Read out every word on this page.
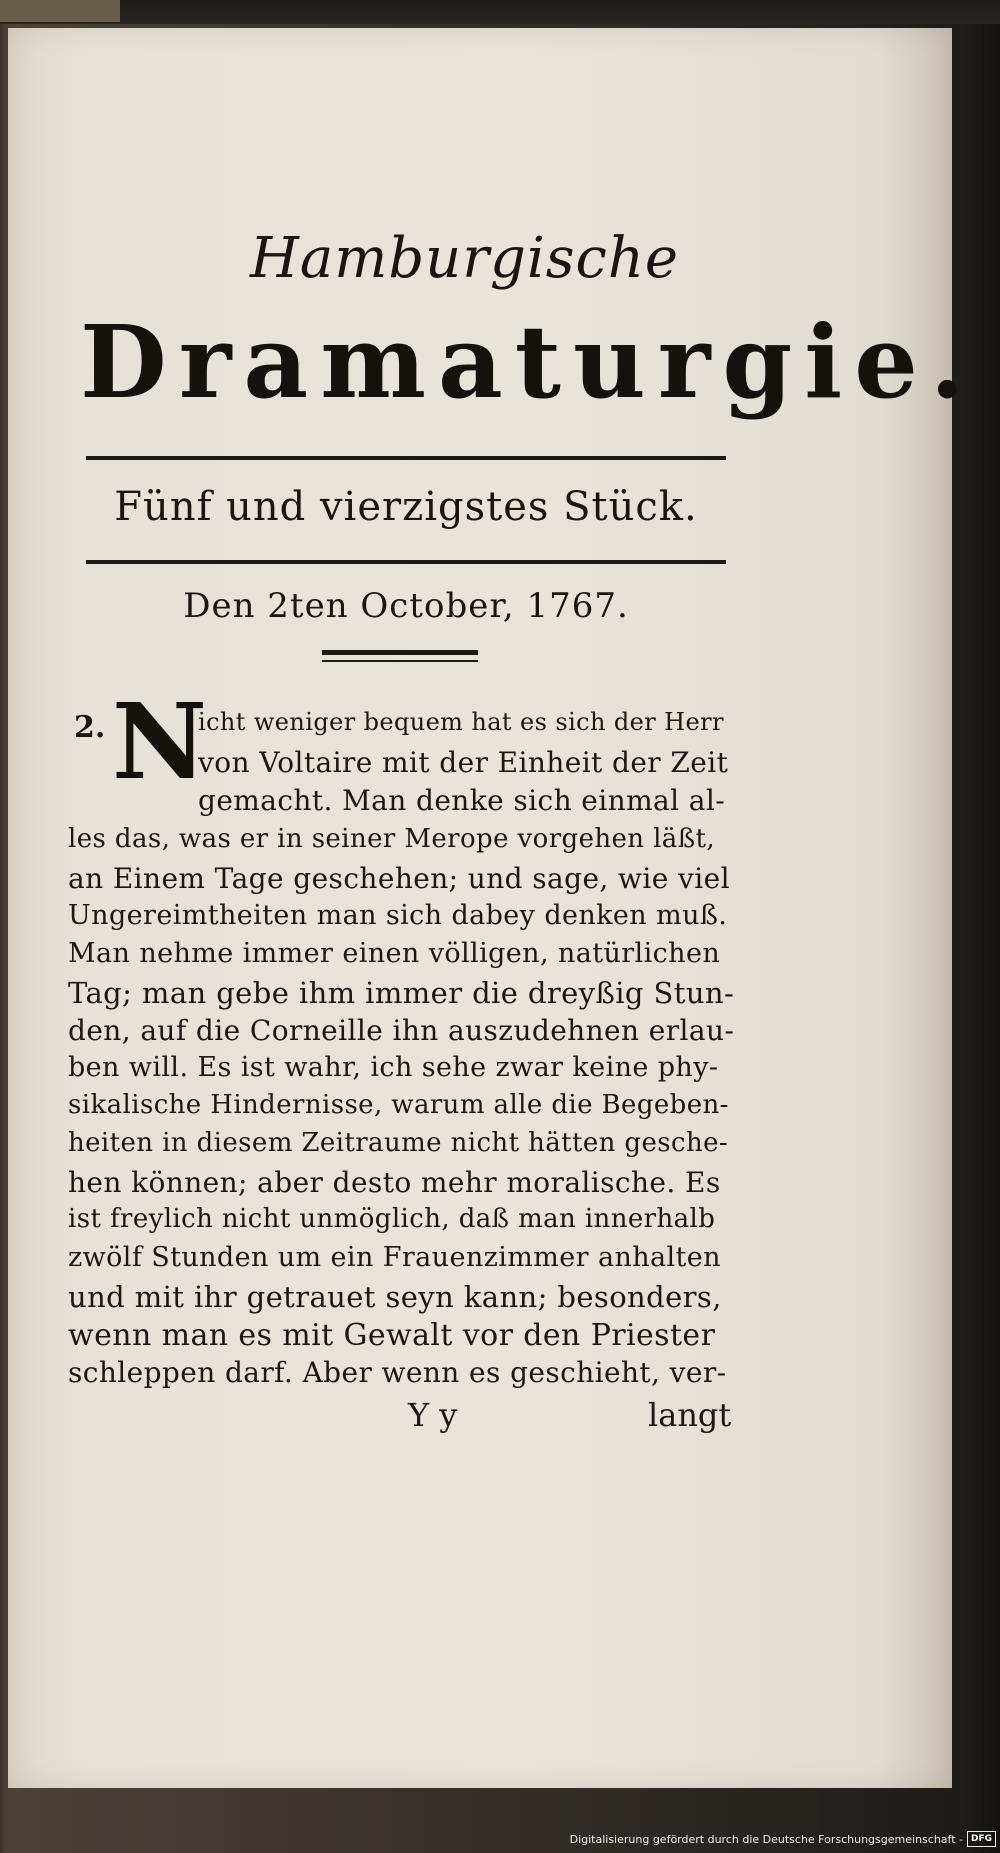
Hamburgische
Dramaturgie.
Fünf und vierzigstes Stück.
Den 2ten October, 1767.
2. N
icht weniger bequem hat es sich der Herr
von Voltaire mit der Einheit der Zeit
gemacht. Man denke sich einmal al-
les das, was er in seiner Merope vorgehen läßt,
an Einem Tage geschehen; und sage, wie viel
Ungereimtheiten man sich dabey denken muß.
Man nehme immer einen völligen, natürlichen
Tag; man gebe ihm immer die dreyßig Stun-
den, auf die Corneille ihn auszudehnen erlau-
ben will. Es ist wahr, ich sehe zwar keine phy-
sikalische Hindernisse, warum alle die Begeben-
heiten in diesem Zeitraume nicht hätten gesche-
hen können; aber desto mehr moralische. Es
ist freylich nicht unmöglich, daß man innerhalb
zwölf Stunden um ein Frauenzimmer anhalten
und mit ihr getrauet seyn kann; besonders,
wenn man es mit Gewalt vor den Priester
schleppen darf. Aber wenn es geschieht, ver-
Y y	langt
Digitalisierung gefördert durch die Deutsche Forschungsgemeinschaft - DFG
